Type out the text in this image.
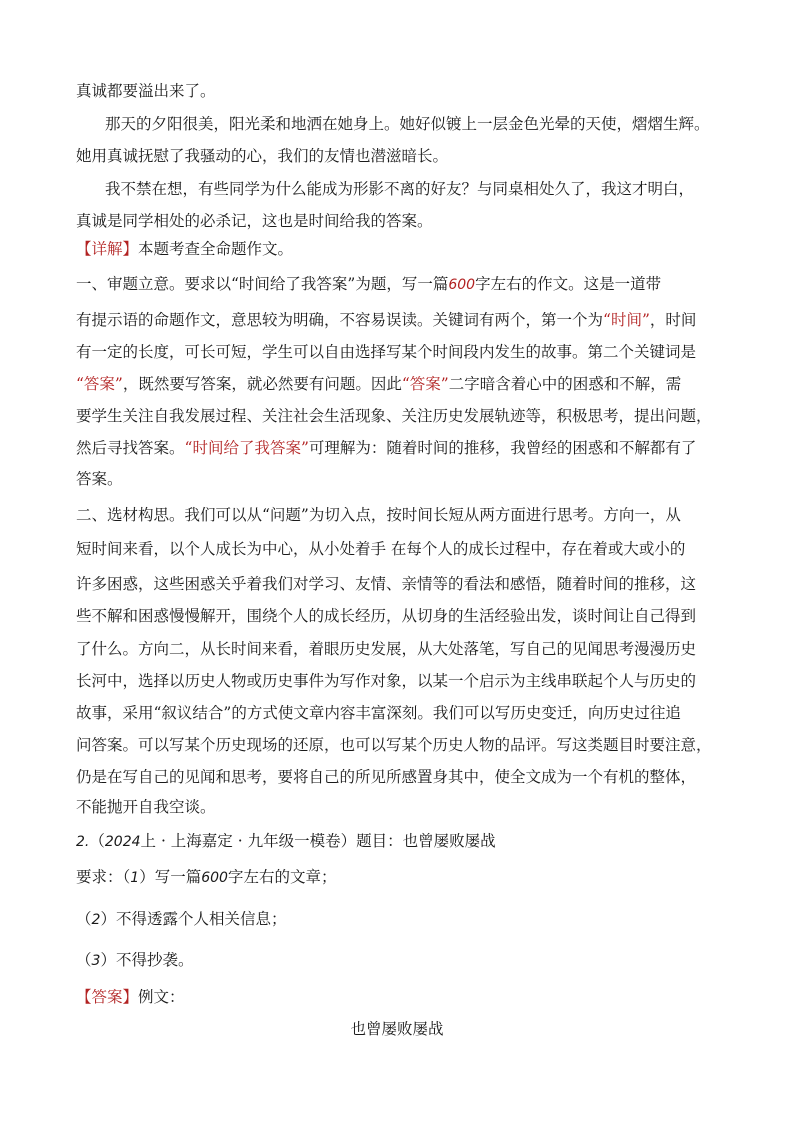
真诚都要溢出来了。
那天的夕阳很美，阳光柔和地洒在她身上。她好似镀上一层金色光晕的天使，熠熠生辉。
她用真诚抚慰了我骚动的心，我们的友情也潜滋暗长。
我不禁在想，有些同学为什么能成为形影不离的好友？与同桌相处久了，我这才明白，
真诚是同学相处的必杀记，这也是时间给我的答案。
【详解】本题考查全命题作文。
一、审题立意。要求以“时间给了我答案”为题，写一篇600字左右的作文。这是一道带
有提示语的命题作文，意思较为明确，不容易误读。关键词有两个，第一个为“时间”，时间
有一定的长度，可长可短，学生可以自由选择写某个时间段内发生的故事。第二个关键词是
“答案”，既然要写答案，就必然要有问题。因此“答案”二字暗含着心中的困惑和不解，需
要学生关注自我发展过程、关注社会生活现象、关注历史发展轨迹等，积极思考，提出问题，
然后寻找答案。“时间给了我答案”可理解为：随着时间的推移，我曾经的困惑和不解都有了
答案。
二、选材构思。我们可以从“问题”为切入点，按时间长短从两方面进行思考。方向一，从
短时间来看，以个人成长为中心，从小处着手 在每个人的成长过程中，存在着或大或小的
许多困惑，这些困惑关乎着我们对学习、友情、亲情等的看法和感悟，随着时间的推移，这
些不解和困惑慢慢解开，围绕个人的成长经历，从切身的生活经验出发，谈时间让自己得到
了什么。方向二，从长时间来看，着眼历史发展，从大处落笔，写自己的见闻思考漫漫历史
长河中，选择以历史人物或历史事件为写作对象，以某一个启示为主线串联起个人与历史的
故事，采用“叙议结合”的方式使文章内容丰富深刻。我们可以写历史变迁，向历史过往追
问答案。可以写某个历史现场的还原，也可以写某个历史人物的品评。写这类题目时要注意，
仍是在写自己的见闻和思考，要将自己的所见所感置身其中，使全文成为一个有机的整体，
不能抛开自我空谈。
2.（2024上 · 上海嘉定 · 九年级一模卷）题目：也曾屡败屡战
要求：（1）写一篇600字左右的文章；
（2）不得透露个人相关信息；
（3）不得抄袭。
【答案】例文：
也曾屡败屡战
